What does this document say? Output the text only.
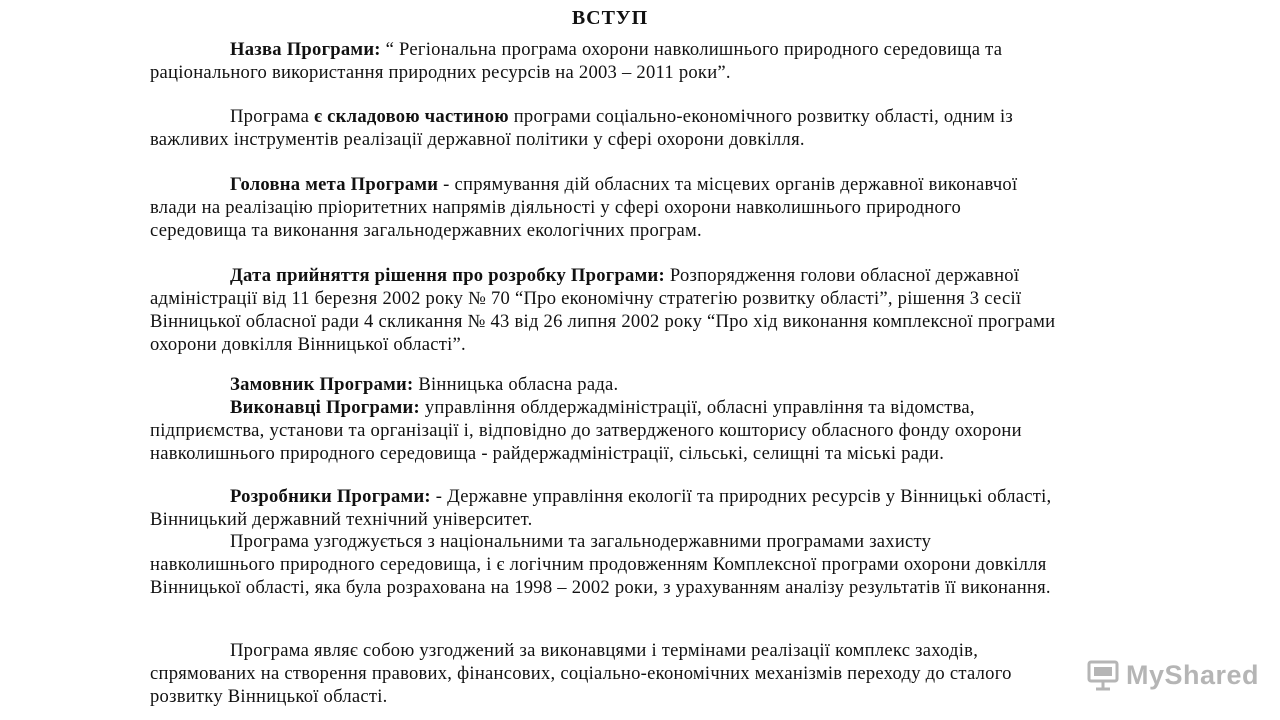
ВСТУП
Назва Програми: “ Регіональна програма охорони навколишнього природного середовища та раціонального використання природних ресурсів на 2003 – 2011 роки”.
Програма є складовою частиною програми соціально-економічного розвитку області, одним із важливих інструментів реалізації державної політики у сфері охорони довкілля.
Головна мета Програми - спрямування дій обласних та місцевих органів державної виконавчої влади на реалізацію пріоритетних напрямів діяльності у сфері охорони навколишнього природного середовища та виконання загальнодержавних екологічних програм.
Дата прийняття рішення про розробку Програми: Розпорядження голови обласної державної адміністрації від 11 березня 2002 року № 70 “Про економічну стратегію розвитку області”, рішення 3 сесії Вінницької обласної ради 4 скликання № 43 від 26 липня 2002 року “Про хід виконання комплексної програми охорони довкілля Вінницької області”.
Замовник Програми: Вінницька обласна рада.
Виконавці Програми: управління облдержадміністрації, обласні управління та відомства, підприємства, установи та організації і, відповідно до затвердженого кошторису обласного фонду охорони навколишнього природного середовища - райдержадміністрації, сільські, селищні та міські ради.
Розробники Програми: - Державне управління екології та природних ресурсів у Вінницькі області, Вінницький державний технічний університет.
Програма узгоджується з національними та загальнодержавними програмами захисту навколишнього природного середовища, і є логічним продовженням Комплексної програми охорони довкілля Вінницької області, яка була розрахована на 1998 – 2002 роки, з урахуванням аналізу результатів її виконання.
Програма являє собою узгоджений за виконавцями і термінами реалізації комплекс заходів, спрямованих на створення правових, фінансових, соціально-економічних механізмів переходу до сталого розвитку Вінницької області.
MyShared
